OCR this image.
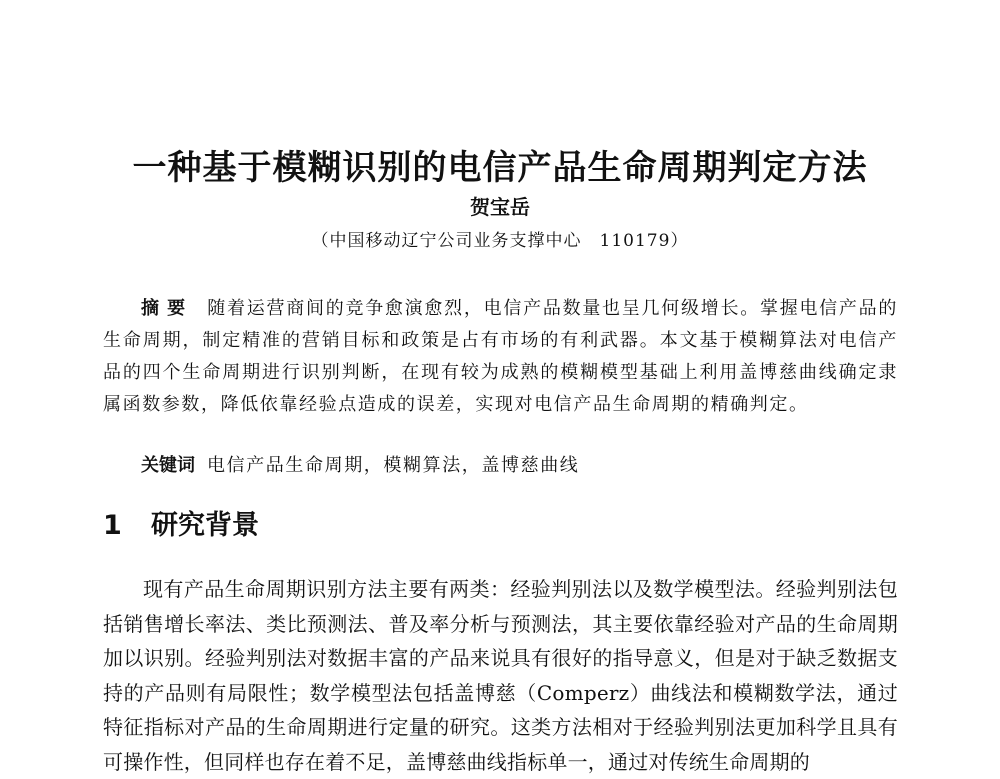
一种基于模糊识别的电信产品生命周期判定方法
贺宝岳
（中国移动辽宁公司业务支撑中心　110179）

摘要 随着运营商间的竞争愈演愈烈，电信产品数量也呈几何级增长。掌握电信产品的生命周期，制定精准的营销目标和政策是占有市场的有利武器。本文基于模糊算法对电信产品的四个生命周期进行识别判断，在现有较为成熟的模糊模型基础上利用盖博慈曲线确定隶属函数参数，降低依靠经验点造成的误差，实现对电信产品生命周期的精确判定。

关键词 电信产品生命周期，模糊算法，盖博慈曲线
1 研究背景

现有产品生命周期识别方法主要有两类：经验判别法以及数学模型法。经验判别法包括销售增长率法、类比预测法、普及率分析与预测法，其主要依靠经验对产品的生命周期加以识别。经验判别法对数据丰富的产品来说具有很好的指导意义，但是对于缺乏数据支持的产品则有局限性；数学模型法包括盖博慈（Comperz）曲线法和模糊数学法，通过特征指标对产品的生命周期进行定量的研究。这类方法相对于经验判别法更加科学且具有可操作性，但同样也存在着不足，盖博慈曲线指标单一，通过对传统生命周期的
